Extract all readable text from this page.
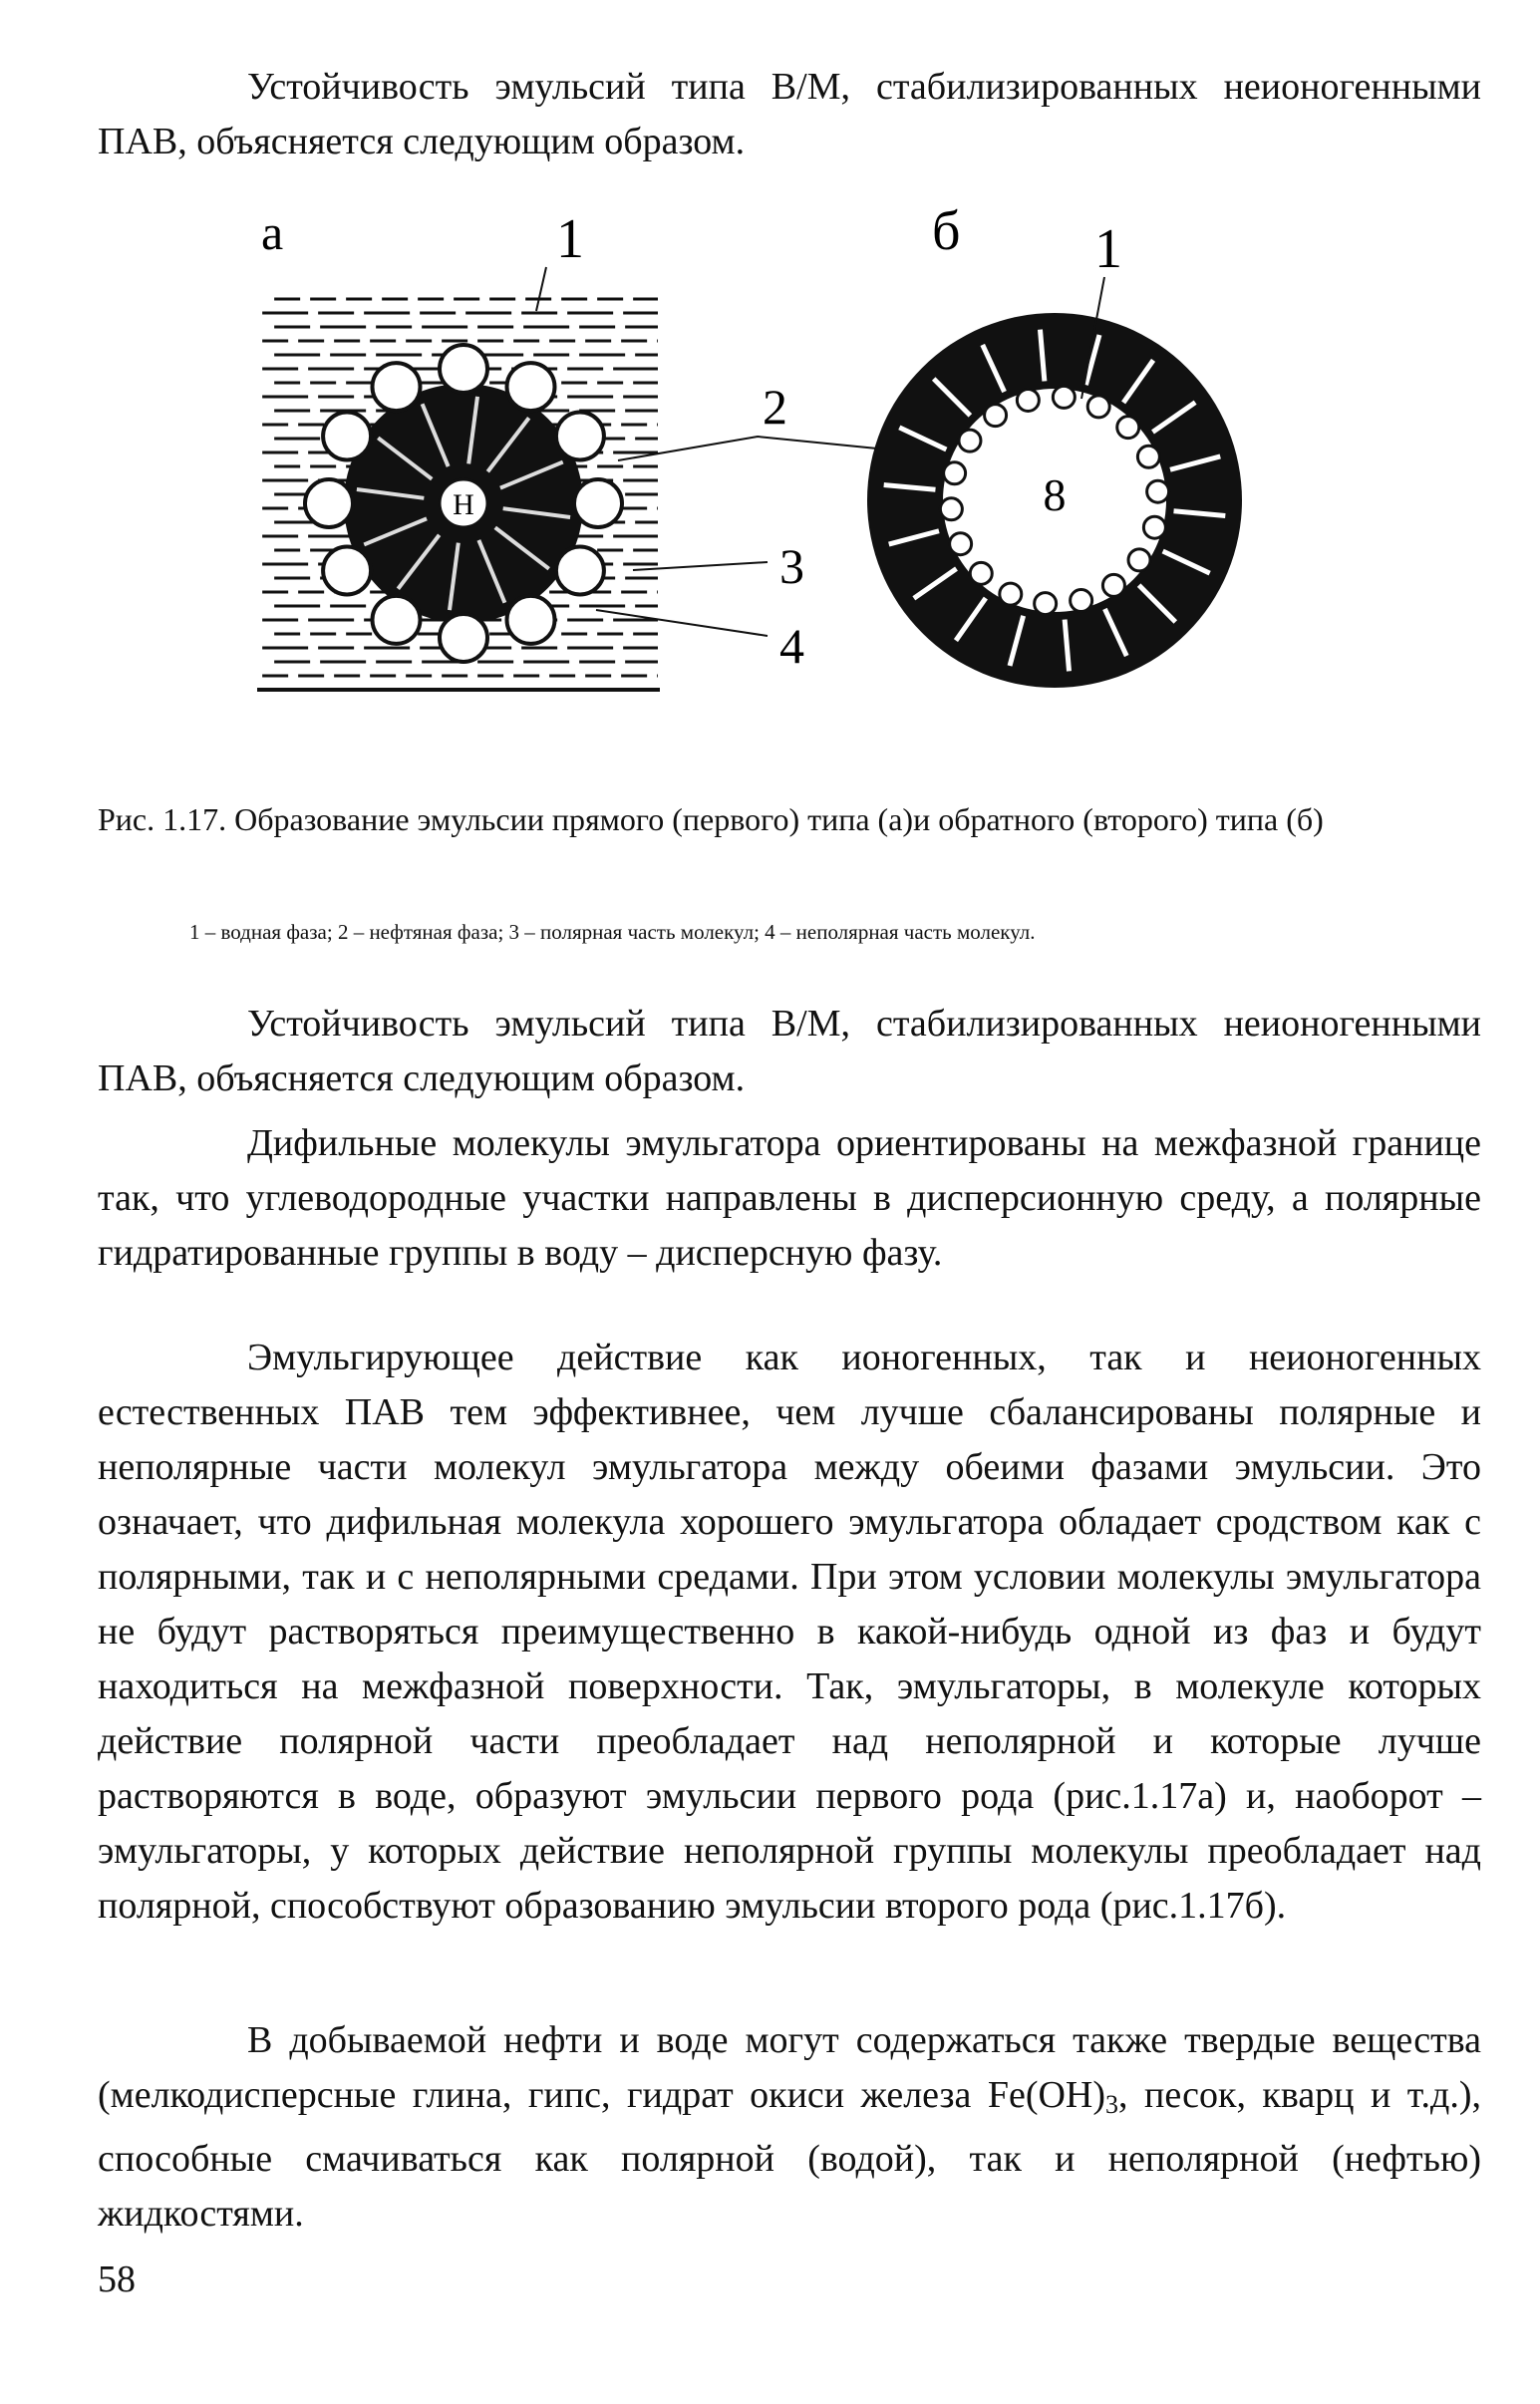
Устойчивость эмульсий типа В/М, стабилизированных неионогенными ПАВ, объясняется следующим образом.

Н	8
а	1	б 1
2
3
4

Рис. 1.17. Образование эмульсии прямого (первого) типа (а)и обратного (второго) типа (б)

1 – водная фаза; 2 – нефтяная фаза; 3 – полярная часть молекул; 4 – неполярная часть молекул.

Устойчивость эмульсий типа В/М, стабилизированных неионогенными ПАВ, объясняется следующим образом.

Дифильные молекулы эмульгатора ориентированы на межфазной границе так, что углеводородные участки направлены в дисперсионную среду, а полярные гидратированные группы в воду – дисперсную фазу.

Эмульгирующее действие как ионогенных, так и неионогенных естественных ПАВ тем эффективнее, чем лучше сбалансированы полярные и неполярные части молекул эмульгатора между обеими фазами эмульсии. Это означает, что дифильная молекула хорошего эмульгатора обладает сродством как с полярными, так и с неполярными средами. При этом условии молекулы эмульгатора не будут растворяться преимущественно в какой-нибудь одной из фаз и будут находиться на межфазной поверхности. Так, эмульгаторы, в молекуле которых действие полярной части преобладает над неполярной и которые лучше растворяются в воде, образуют эмульсии первого рода (рис.1.17а) и, наоборот – эмульгаторы, у которых действие неполярной группы молекулы преобладает над полярной, способствуют образованию эмульсии второго рода (рис.1.17б).

В добываемой нефти и воде могут содержаться также твердые вещества (мелкодисперсные глина, гипс, гидрат окиси железа $Fe(OH)_3$, песок, кварц и т.д.), способные смачиваться как полярной (водой), так и неполярной (нефтью) жидкостями.

58
